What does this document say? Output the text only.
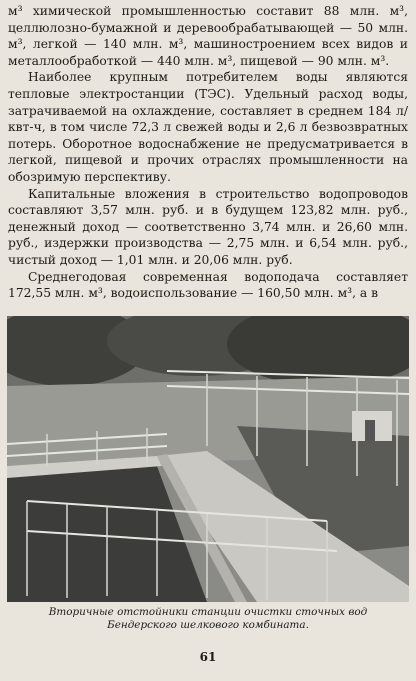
м³ химической промышленностью составит 88 млн. м³, целлюлозно-бумажной и деревообрабатывающей — 50 млн. м³, легкой — 140 млн. м³, машиностроением всех видов и металлообработкой — 440 млн. м³, пищевой — 90 млн. м³.

Наиболее крупным потребителем воды являются тепловые электростанции (ТЭС). Удельный расход воды, затрачиваемой на охлаждение, составляет в среднем 184 л/квт-ч, в том числе 72,3 л свежей воды и 2,6 л безвозвратных потерь. Оборотное водоснабжение не предусматривается в легкой, пищевой и прочих отраслях промышленности на обозримую перспективу.

Капитальные вложения в строительство водопроводов составляют 3,57 млн. руб. и в будущем 123,82 млн. руб., денежный доход — соответственно 3,74 млн. и 26,60 млн. руб., издержки производства — 2,75 млн. и 6,54 млн. руб., чистый доход — 1,01 млн. и 20,06 млн. руб.

Среднегодовая современная водоподача составляет 172,55 млн. м³, водоиспользование — 160,50 млн. м³, а в

Вторичные отстойники станции очистки сточных вод Бендерского шелкового комбината.
61
